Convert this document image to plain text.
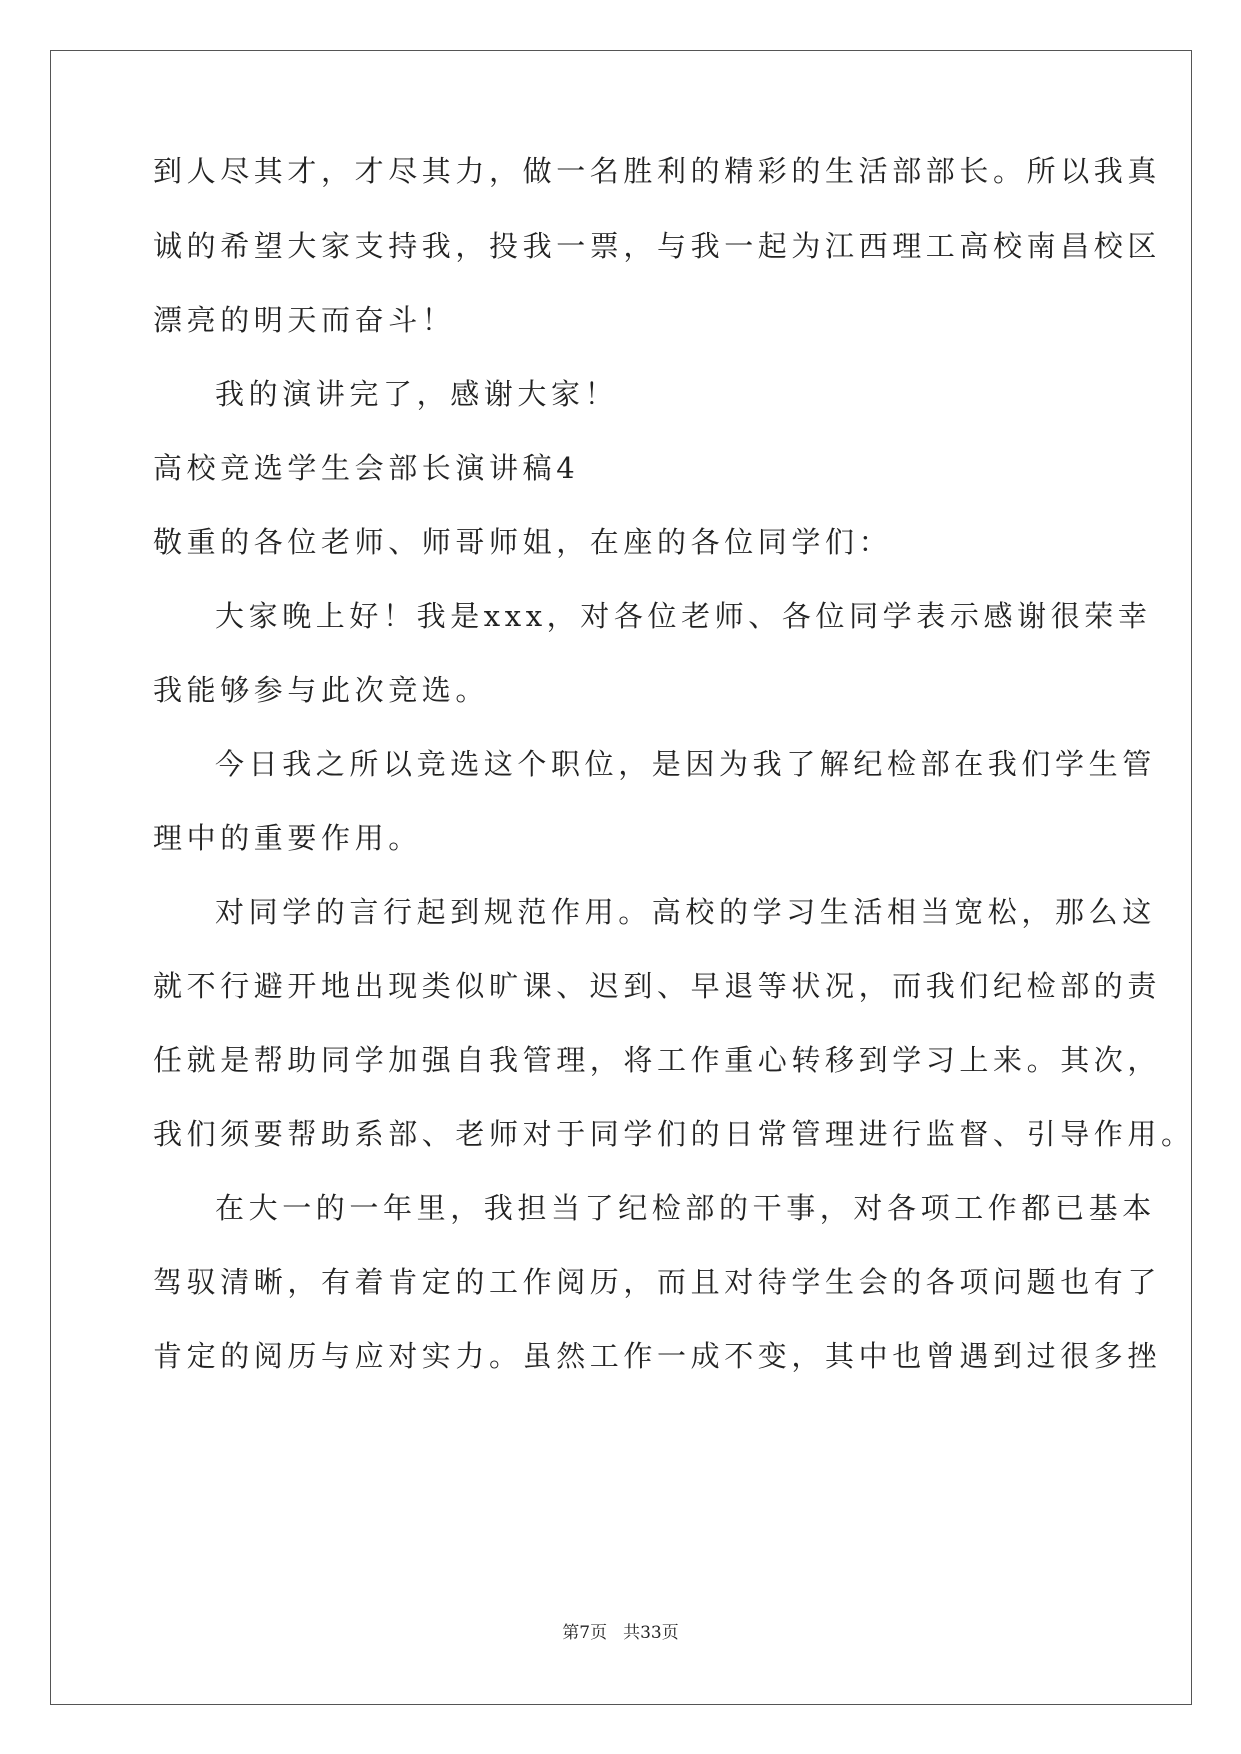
到人尽其才，才尽其力，做一名胜利的精彩的生活部部长。所以我真
诚的希望大家支持我，投我一票，与我一起为江西理工高校南昌校区
漂亮的明天而奋斗！
我的演讲完了，感谢大家！
高校竞选学生会部长演讲稿4
敬重的各位老师、师哥师姐，在座的各位同学们：
大家晚上好！我是xxx，对各位老师、各位同学表示感谢很荣幸
我能够参与此次竞选。
今日我之所以竞选这个职位，是因为我了解纪检部在我们学生管
理中的重要作用。
对同学的言行起到规范作用。高校的学习生活相当宽松，那么这
就不行避开地出现类似旷课、迟到、早退等状况，而我们纪检部的责
任就是帮助同学加强自我管理，将工作重心转移到学习上来。其次，
我们须要帮助系部、老师对于同学们的日常管理进行监督、引导作用。
在大一的一年里，我担当了纪检部的干事，对各项工作都已基本
驾驭清晰，有着肯定的工作阅历，而且对待学生会的各项问题也有了
肯定的阅历与应对实力。虽然工作一成不变，其中也曾遇到过很多挫
第7页 共33页
